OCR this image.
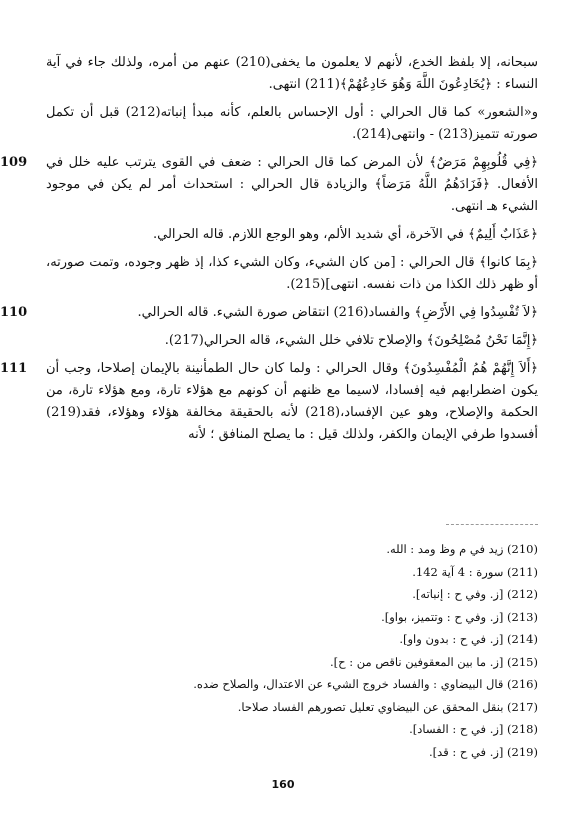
سبحانه، إلا بلفظ الخدع، لأنهم لا يعلمون ما يخفى(210) عنهم من أمره، ولذلك جاء في آية النساء : ﴿يُخَادِعُونَ اللَّهَ وَهُوَ خَادِعُهُمْ﴾(211) انتهى.

و«الشعور» كما قال الحرالي : أول الإحساس بالعلم، كأنه مبدأ إنباته(212) قبل أن تكمل صورته تتميز(213) - وانتهى(214).

109	﴿فِي قُلُوبِهِمْ مَرَضٌ﴾ لأن المرض كما قال الحرالي : ضعف في القوى يترتب عليه خلل في الأفعال. ﴿فَزَادَهُمُ اللَّهُ مَرَضاً﴾ والزيادة قال الحرالي : استحداث أمر لم يكن في موجود الشيء هـ انتهى.

﴿عَذَابٌ أَلِيمٌ﴾ في الآخرة، أي شديد الألم، وهو الوجع اللازم. قاله الحرالي.

﴿بِمَا كانوا﴾ قال الحرالي : [من كان الشيء، وكان الشيء كذا، إذ ظهر وجوده، وتمت صورته، أو ظهر ذلك الكذا من ذات نفسه. انتهى](215).

110	﴿لاَ تُفْسِدُوا فِي الأَرْضِ﴾ والفساد(216) انتقاض صورة الشيء. قاله الحرالي.

﴿إِنَّمَا نَحْنُ مُصْلِحُونَ﴾ والإصلاح تلافي خلل الشيء، قاله الحرالي(217).

111	﴿أَلاَ إِنَّهُمْ هُمُ الْمُفْسِدُونَ﴾ وقال الحرالي : ولما كان حال الطمأنينة بالإيمان إصلاحا، وجب أن يكون اضطرابهم فيه إفسادا، لاسيما مع ظنهم أن كونهم مع هؤلاء تارة، ومع هؤلاء تارة، من الحكمة والإصلاح، وهو عين الإفساد،(218) لأنه بالحقيقة مخالفة هؤلاء وهؤلاء، فقد(219) أفسدوا طرفي الإيمان والكفر، ولذلك قيل : ما يصلح المنافق ؛ لأنه

(210) زيد في م وظ ومد : الله.

(211) سورة : 4 آية 142.

(212) [ز. وفي ح : إنباته].

(213) [ز. وفي ح : وتتميز، بواو].

(214) [ز. في ح : بدون واو].

(215) [ز. ما بين المعقوفين ناقص من : ح].

(216) قال البيضاوي : والفساد خروج الشيء عن الاعتدال، والصلاح ضده.

(217) بنقل المحقق عن البيضاوي تعليل تصورهم الفساد صلاحا.

(218) [ز. في ح : الفساد].

(219) [ز. في ح : قد].

160
